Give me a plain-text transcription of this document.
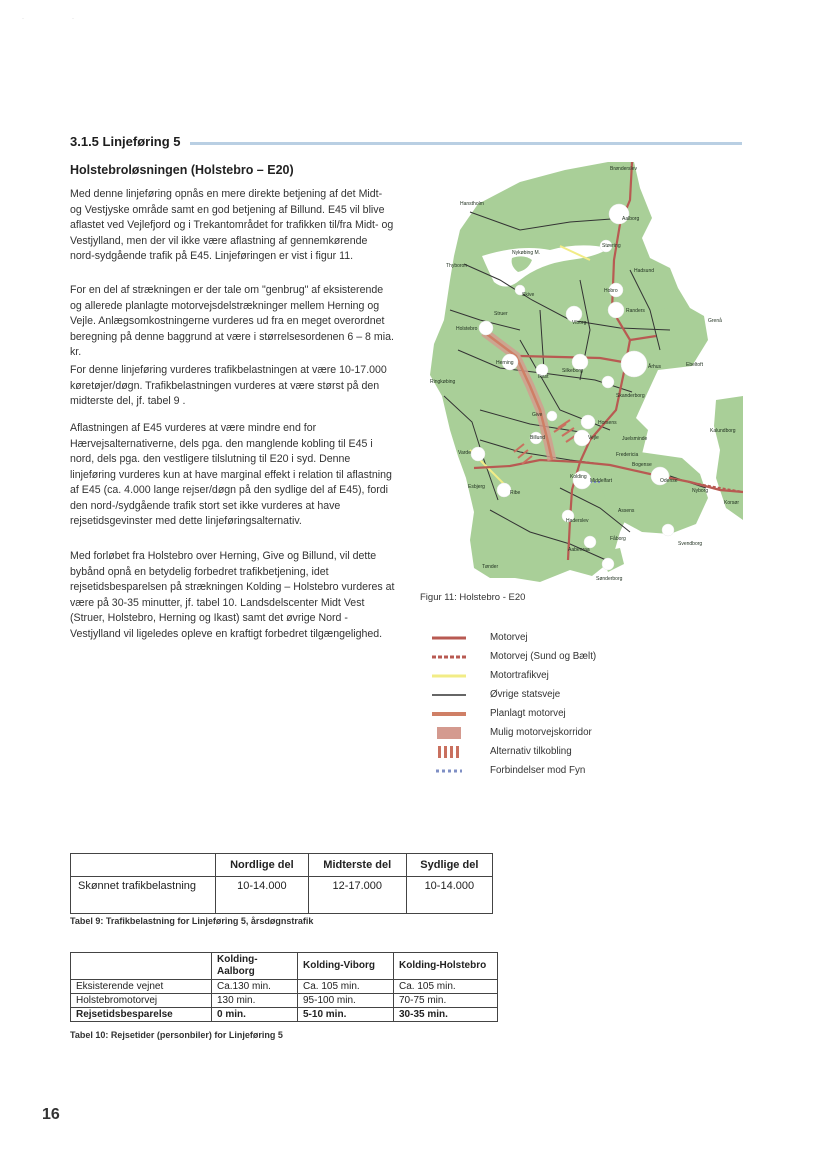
·	·
3.1.5 Linjeføring 5
Holstebroløsningen (Holstebro – E20)
Med denne linjeføring opnås en mere direkte betjening af det Midt- og Vestjyske område samt en god betjening af Billund. E45 vil blive aflastet ved Vejlefjord og i Trekantområdet for trafikken til/fra Midt- og Vestjylland, men der vil ikke være aflastning af gennemkørende nord-sydgående trafik på E45. Linjeføringen er vist i figur 11.
For en del af strækningen er der tale om "genbrug" af eksisterende og allerede planlagte motorvejsdelstrækninger mellem Herning og Vejle. Anlægsomkostningerne vurderes ud fra en meget overordnet beregning på denne baggrund at være i størrelsesordenen 6 – 8 mia. kr.
For denne linjeføring vurderes trafikbelastningen at være 10-17.000 køretøjer/døgn. Trafikbelastningen vurderes at være størst på den midterste del, jf. tabel 9 .
Aflastningen af E45 vurderes at være mindre end for Hærvejsalternativerne, dels pga. den manglende kobling til E45 i nord, dels pga. den vestligere tilslutning til E20 i syd. Denne linjeføring vurderes kun at have marginal effekt i relation til aflastning af E45 (ca. 4.000 lange rejser/døgn på den sydlige del af E45), fordi den nord-/sydgående trafik stort set ikke vurderes at have rejsetidsgevinster med dette linjeføringsalternativ.
Med forløbet fra Holstebro over Herning, Give og Billund, vil dette bybånd opnå en betydelig forbedret trafikbetjening, idet rejsetidsbesparelsen på strækningen Kolding – Holstebro vurderes at være på 30-35 minutter, jf. tabel 10. Landsdelscenter Midt Vest (Struer, Holstebro, Herning og Ikast) samt det øvrige Nord - Vestjylland vil ligeledes opleve en kraftigt forbedret tilgængelighed.
Brønderslev
Hanstholm
Aalborg
Nykøbing M.
Støvring
Thyboron
Hadsund
Skive
Hobro
Struer	Randers
Grenå
Holstebro
Viborg
Herning
Ikast
Silkeborg
Århus	Ebeltoft
Ringkøbing
Skanderborg
Give
Horsens
Kalundborg
Billund	Vejle	Juelsminde
Varde	Fredericia
Bogense
Esbjerg
Kolding
Middelfart	Odense
Nyborg
Korsør
Ribe
Assens
Haderslev
Fåborg
Svendborg
Aabenraa
Tønder
Sønderborg
Figur 11: Holstebro - E20
Motorvej
Motorvej (Sund og Bælt)
Motortrafikvej
Øvrige statsveje
Planlagt motorvej
Mulig motorvejskorridor
Alternativ tilkobling
Forbindelser mod Fyn
	Nordlige del	Midterste del	Sydlige del
Skønnet trafikbelastning	10-14.000	12-17.000	10-14.000
Tabel 9: Trafikbelastning for Linjeføring 5, årsdøgnstrafik
	Kolding-Aalborg	Kolding-Viborg	Kolding-Holstebro
Eksisterende vejnet	Ca.130 min.	Ca. 105 min.	Ca. 105 min.
Holstebromotorvej	130 min.	95-100 min.	70-75 min.
Rejsetidsbesparelse	0 min.	5-10 min.	30-35 min.
Tabel 10: Rejsetider (personbiler) for Linjeføring 5
16
